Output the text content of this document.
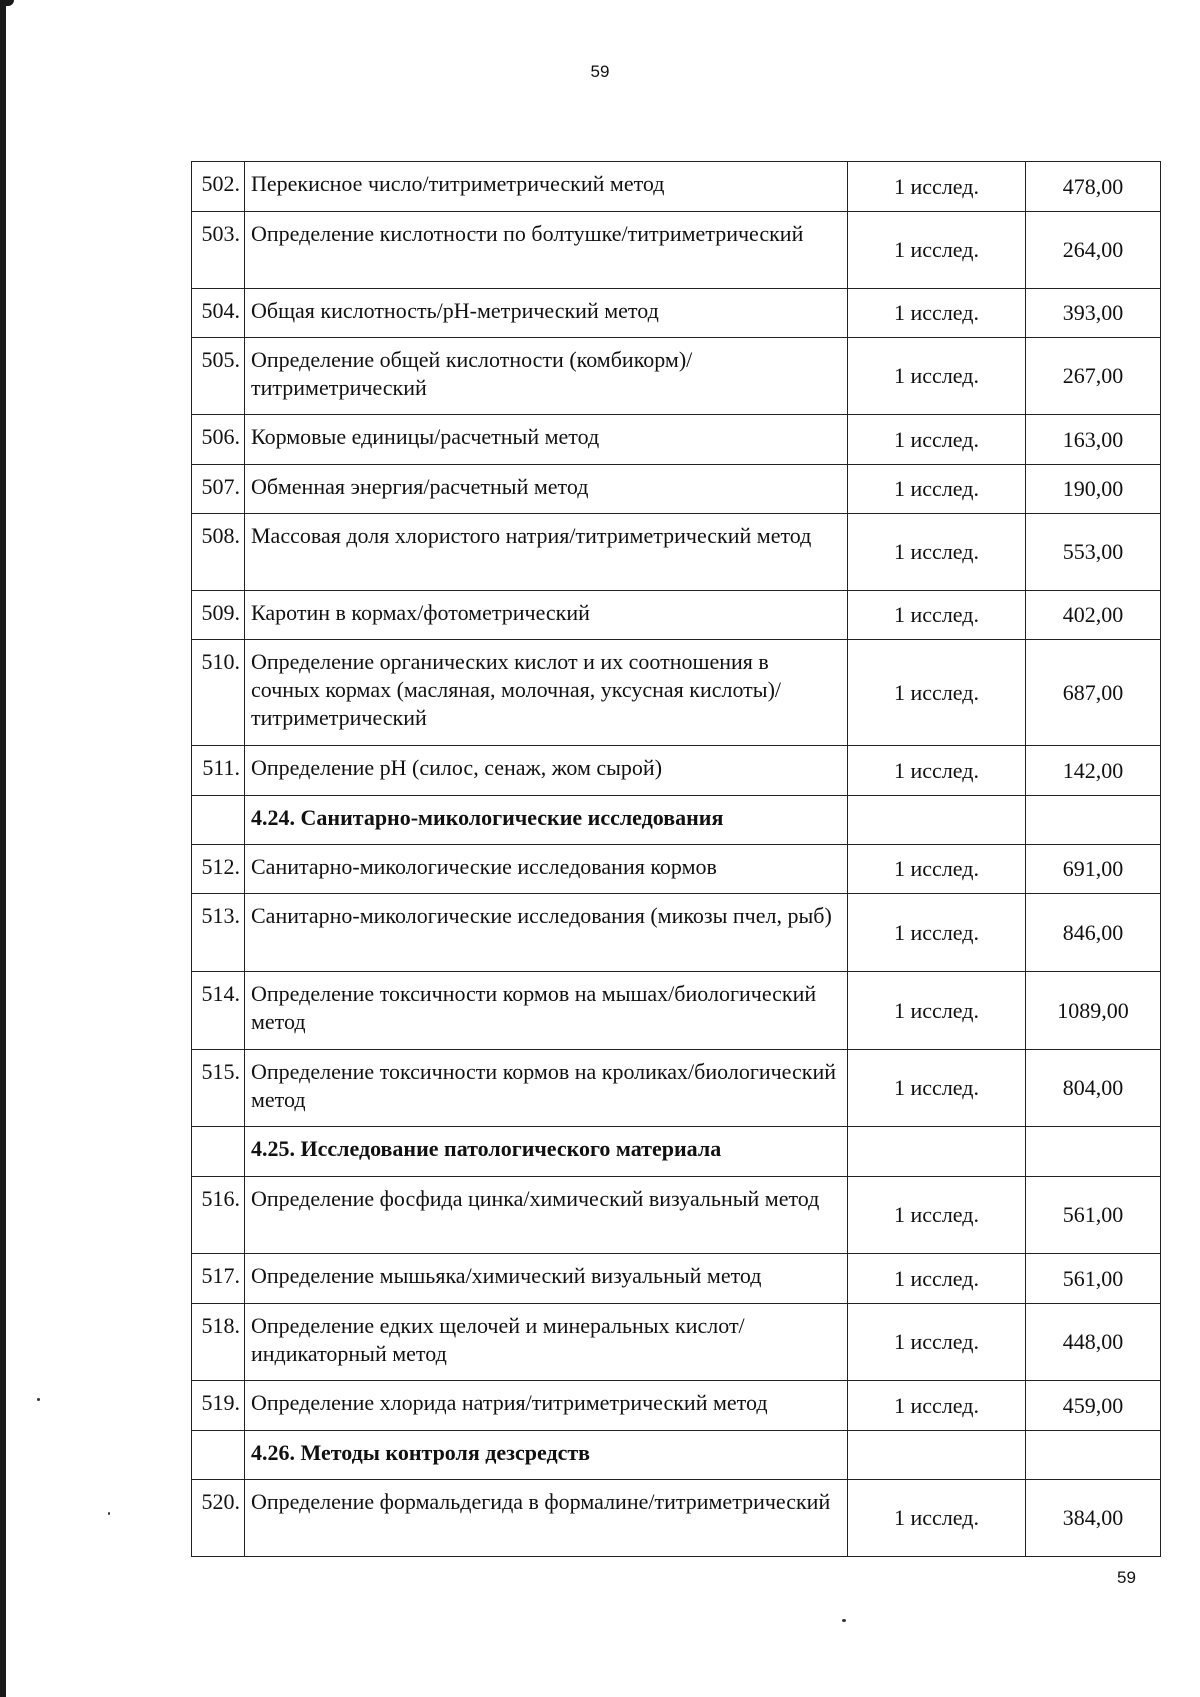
59
502.	Перекисное число/титриметрический метод	1 исслед.	478,00
503.	Определение кислотности по болтушке/титриметрический	1 исслед.	264,00
504.	Общая кислотность/рН-метрический метод	1 исслед.	393,00
505.	Определение общей кислотности (комбикорм)/титриметрический	1 исслед.	267,00
506.	Кормовые единицы/расчетный метод	1 исслед.	163,00
507.	Обменная энергия/расчетный метод	1 исслед.	190,00
508.	Массовая доля хлористого натрия/титриметрический метод	1 исслед.	553,00
509.	Каротин в кормах/фотометрический	1 исслед.	402,00
510.	Определение органических кислот и их соотношения в сочных кормах (масляная, молочная, уксусная кислоты)/титриметрический	1 исслед.	687,00
511.	Определение рН (силос, сенаж, жом сырой)	1 исслед.	142,00
	4.24. Санитарно-микологические исследования		
512.	Санитарно-микологические исследования кормов	1 исслед.	691,00
513.	Санитарно-микологические исследования (микозы пчел, рыб)	1 исслед.	846,00
514.	Определение токсичности кормов на мышах/биологический метод	1 исслед.	1089,00
515.	Определение токсичности кормов на кроликах/биологический метод	1 исслед.	804,00
	4.25. Исследование патологического материала		
516.	Определение фосфида цинка/химический визуальный метод	1 исслед.	561,00
517.	Определение мышьяка/химический визуальный метод	1 исслед.	561,00
518.	Определение едких щелочей и минеральных кислот/индикаторный метод	1 исслед.	448,00
519.	Определение хлорида натрия/титриметрический метод	1 исслед.	459,00
	4.26. Методы контроля дезсредств		
520.	Определение формальдегида в формалине/титриметрический	1 исслед.	384,00
59
